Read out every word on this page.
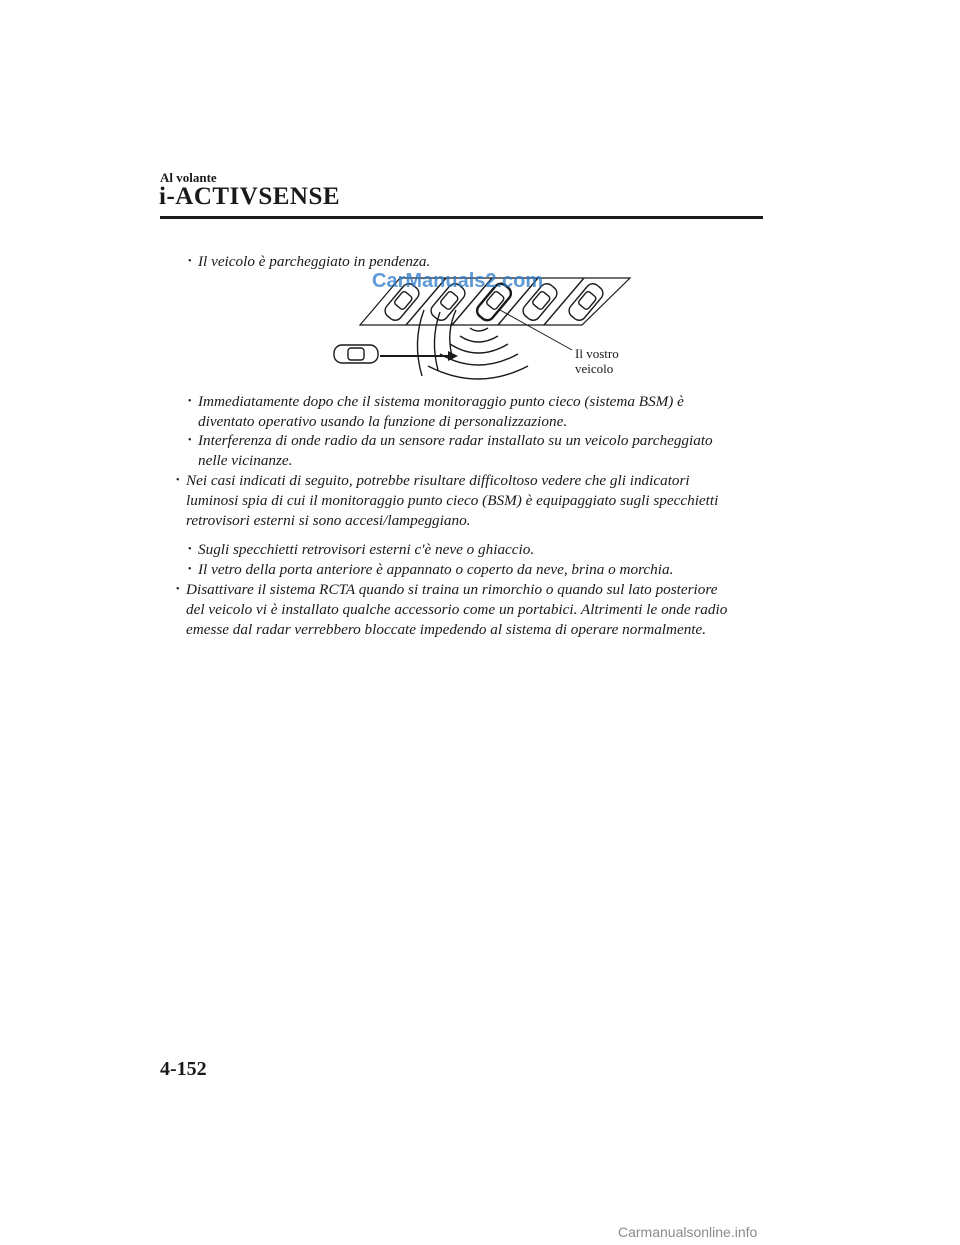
Al volante
i-ACTIVSENSE
• Il veicolo è parcheggiato in pendenza.
CarManuals2.com
Il vostro
veicolo
• Immediatamente dopo che il sistema monitoraggio punto cieco (sistema BSM) è
diventato operativo usando la funzione di personalizzazione.
• Interferenza di onde radio da un sensore radar installato su un veicolo parcheggiato
nelle vicinanze.
• Nei casi indicati di seguito, potrebbe risultare difficoltoso vedere che gli indicatori
luminosi spia di cui il monitoraggio punto cieco (BSM) è equipaggiato sugli specchietti
retrovisori esterni si sono accesi/lampeggiano.
• Sugli specchietti retrovisori esterni c'è neve o ghiaccio.
• Il vetro della porta anteriore è appannato o coperto da neve, brina o morchia.
• Disattivare il sistema RCTA quando si traina un rimorchio o quando sul lato posteriore
del veicolo vi è installato qualche accessorio come un portabici. Altrimenti le onde radio
emesse dal radar verrebbero bloccate impedendo al sistema di operare normalmente.
4-152
Carmanualsonline.info
